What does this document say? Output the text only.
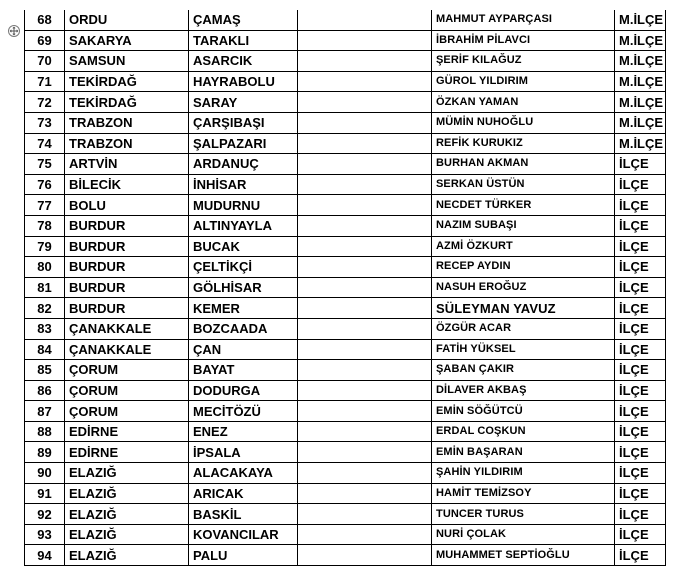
68	ORDU	ÇAMAŞ		MAHMUT AYPARÇASI	M.İLÇE
69	SAKARYA	TARAKLI		İBRAHİM PİLAVCI	M.İLÇE
70	SAMSUN	ASARCIK		ŞERİF KILAĞUZ	M.İLÇE
71	TEKİRDAĞ	HAYRABOLU		GÜROL YILDIRIM	M.İLÇE
72	TEKİRDAĞ	SARAY		ÖZKAN YAMAN	M.İLÇE
73	TRABZON	ÇARŞIBAŞI		MÜMİN NUHOĞLU	M.İLÇE
74	TRABZON	ŞALPAZARI		REFİK KURUKIZ	M.İLÇE
75	ARTVİN	ARDANUÇ		BURHAN AKMAN	İLÇE
76	BİLECİK	İNHİSAR		SERKAN ÜSTÜN	İLÇE
77	BOLU	MUDURNU		NECDET TÜRKER	İLÇE
78	BURDUR	ALTINYAYLA		NAZIM SUBAŞI	İLÇE
79	BURDUR	BUCAK		AZMİ ÖZKURT	İLÇE
80	BURDUR	ÇELTİKÇİ		RECEP AYDIN	İLÇE
81	BURDUR	GÖLHİSAR		NASUH EROĞUZ	İLÇE
82	BURDUR	KEMER		SÜLEYMAN YAVUZ	İLÇE
83	ÇANAKKALE	BOZCAADA		ÖZGÜR ACAR	İLÇE
84	ÇANAKKALE	ÇAN		FATİH YÜKSEL	İLÇE
85	ÇORUM	BAYAT		ŞABAN ÇAKIR	İLÇE
86	ÇORUM	DODURGA		DİLAVER AKBAŞ	İLÇE
87	ÇORUM	MECİTÖZÜ		EMİN SÖĞÜTCÜ	İLÇE
88	EDİRNE	ENEZ		ERDAL COŞKUN	İLÇE
89	EDİRNE	İPSALA		EMİN BAŞARAN	İLÇE
90	ELAZIĞ	ALACAKAYA		ŞAHİN YILDIRIM	İLÇE
91	ELAZIĞ	ARICAK		HAMİT TEMİZSOY	İLÇE
92	ELAZIĞ	BASKİL		TUNCER TURUS	İLÇE
93	ELAZIĞ	KOVANCILAR		NURİ ÇOLAK	İLÇE
94	ELAZIĞ	PALU		MUHAMMET SEPTİOĞLU	İLÇE
